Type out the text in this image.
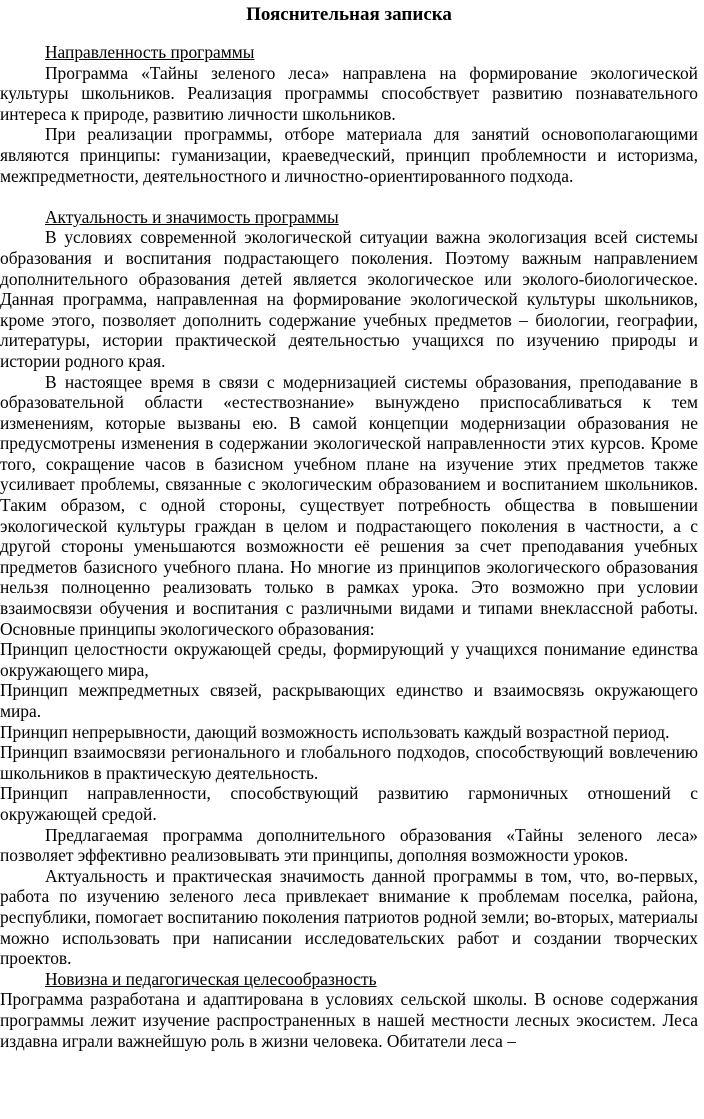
Пояснительная записка
Направленность программы

Программа «Тайны зеленого леса» направлена на формирование экологической культуры школьников. Реализация программы способствует развитию познавательного интереса к природе, развитию личности школьников.

При реализации программы, отборе материала для занятий основополагающими являются принципы: гуманизации, краеведческий, принцип проблемности и историзма, межпредметности, деятельностного и личностно-ориентированного подхода.

Актуальность и значимость программы

В условиях современной экологической ситуации важна экологизация всей системы образования и воспитания подрастающего поколения. Поэтому важным направлением дополнительного образования детей является экологическое или эколого-биологическое. Данная программа, направленная на формирование экологической культуры школьников, кроме этого, позволяет дополнить содержание учебных предметов – биологии, географии, литературы, истории практической деятельностью учащихся по изучению природы и истории родного края.

В настоящее время в связи с модернизацией системы образования, преподавание в образовательной области «естествознание» вынуждено приспосабливаться к тем изменениям, которые вызваны ею. В самой концепции модернизации образования не предусмотрены изменения в содержании экологической направленности этих курсов. Кроме того, сокращение часов в базисном учебном плане на изучение этих предметов также усиливает проблемы, связанные с экологическим образованием и воспитанием школьников. Таким образом, с одной стороны, существует потребность общества в повышении экологической культуры граждан в целом и подрастающего поколения в частности, а с другой стороны уменьшаются возможности её решения за счет преподавания учебных предметов базисного учебного плана. Но многие из принципов экологического образования нельзя полноценно реализовать только в рамках урока. Это возможно при условии взаимосвязи обучения и воспитания с различными видами и типами внеклассной работы. Основные принципы экологического образования:

Принцип целостности окружающей среды, формирующий у учащихся понимание единства окружающего мира,

Принцип межпредметных связей, раскрывающих единство и взаимосвязь окружающего мира.

Принцип непрерывности, дающий возможность использовать каждый возрастной период.

Принцип взаимосвязи регионального и глобального подходов, способствующий вовлечению школьников в практическую деятельность.

Принцип направленности, способствующий развитию гармоничных отношений с окружающей средой.

Предлагаемая программа дополнительного образования «Тайны зеленого леса» позволяет эффективно реализовывать эти принципы, дополняя возможности уроков.

Актуальность и практическая значимость данной программы в том, что, во-первых, работа по изучению зеленого леса привлекает внимание к проблемам поселка, района, республики, помогает воспитанию поколения патриотов родной земли; во-вторых, материалы можно использовать при написании исследовательских работ и создании творческих проектов.

Новизна и педагогическая целесообразность

Программа разработана и адаптирована в условиях сельской школы. В основе содержания программы лежит изучение распространенных в нашей местности лесных экосистем. Леса издавна играли важнейшую роль в жизни человека. Обитатели леса –
